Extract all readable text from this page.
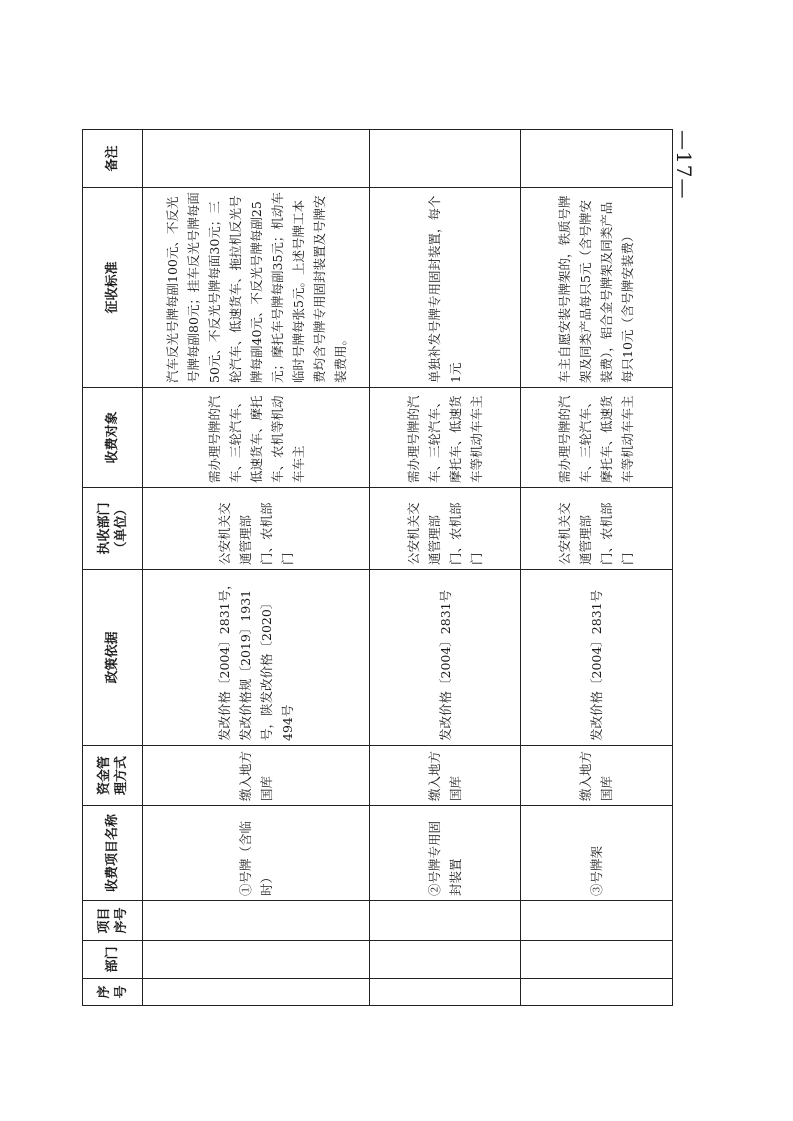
序号	部门	项目序号	收费项目名称	资金管理方式	政策依据	执收部门（单位）	收费对象	征收标准	备注
			①号牌（含临时）	缴入地方国库	发改价格〔2004〕2831号，发改价格规〔2019〕1931号，陕发改价格〔2020〕494号	公安机关交通管理部门、农机部门	需办理号牌的汽车、三轮汽车、低速货车、摩托车、农机等机动车车主	汽车反光号牌每副100元、不反光号牌每副80元；挂车反光号牌每面50元、不反光号牌每面30元；三轮汽车、低速货车、拖拉机反光号牌每副40元、不反光号牌每副25元；摩托车号牌每副35元；机动车临时号牌每张5元。上述号牌工本费均含号牌专用固封装置及号牌安装费用。	
			②号牌专用固封装置	缴入地方国库	发改价格〔2004〕2831号	公安机关交通管理部门、农机部门	需办理号牌的汽车、三轮汽车、摩托车、低速货车等机动车车主	单独补发号牌专用固封装置，每个1元	
			③号牌架	缴入地方国库	发改价格〔2004〕2831号	公安机关交通管理部门、农机部门	需办理号牌的汽车、三轮汽车、摩托车、低速货车等机动车车主	车主自愿安装号牌架的，铁质号牌架及同类产品每只5元（含号牌安装费），铝合金号牌架及同类产品每只10元（含号牌安装费）	
—17—
